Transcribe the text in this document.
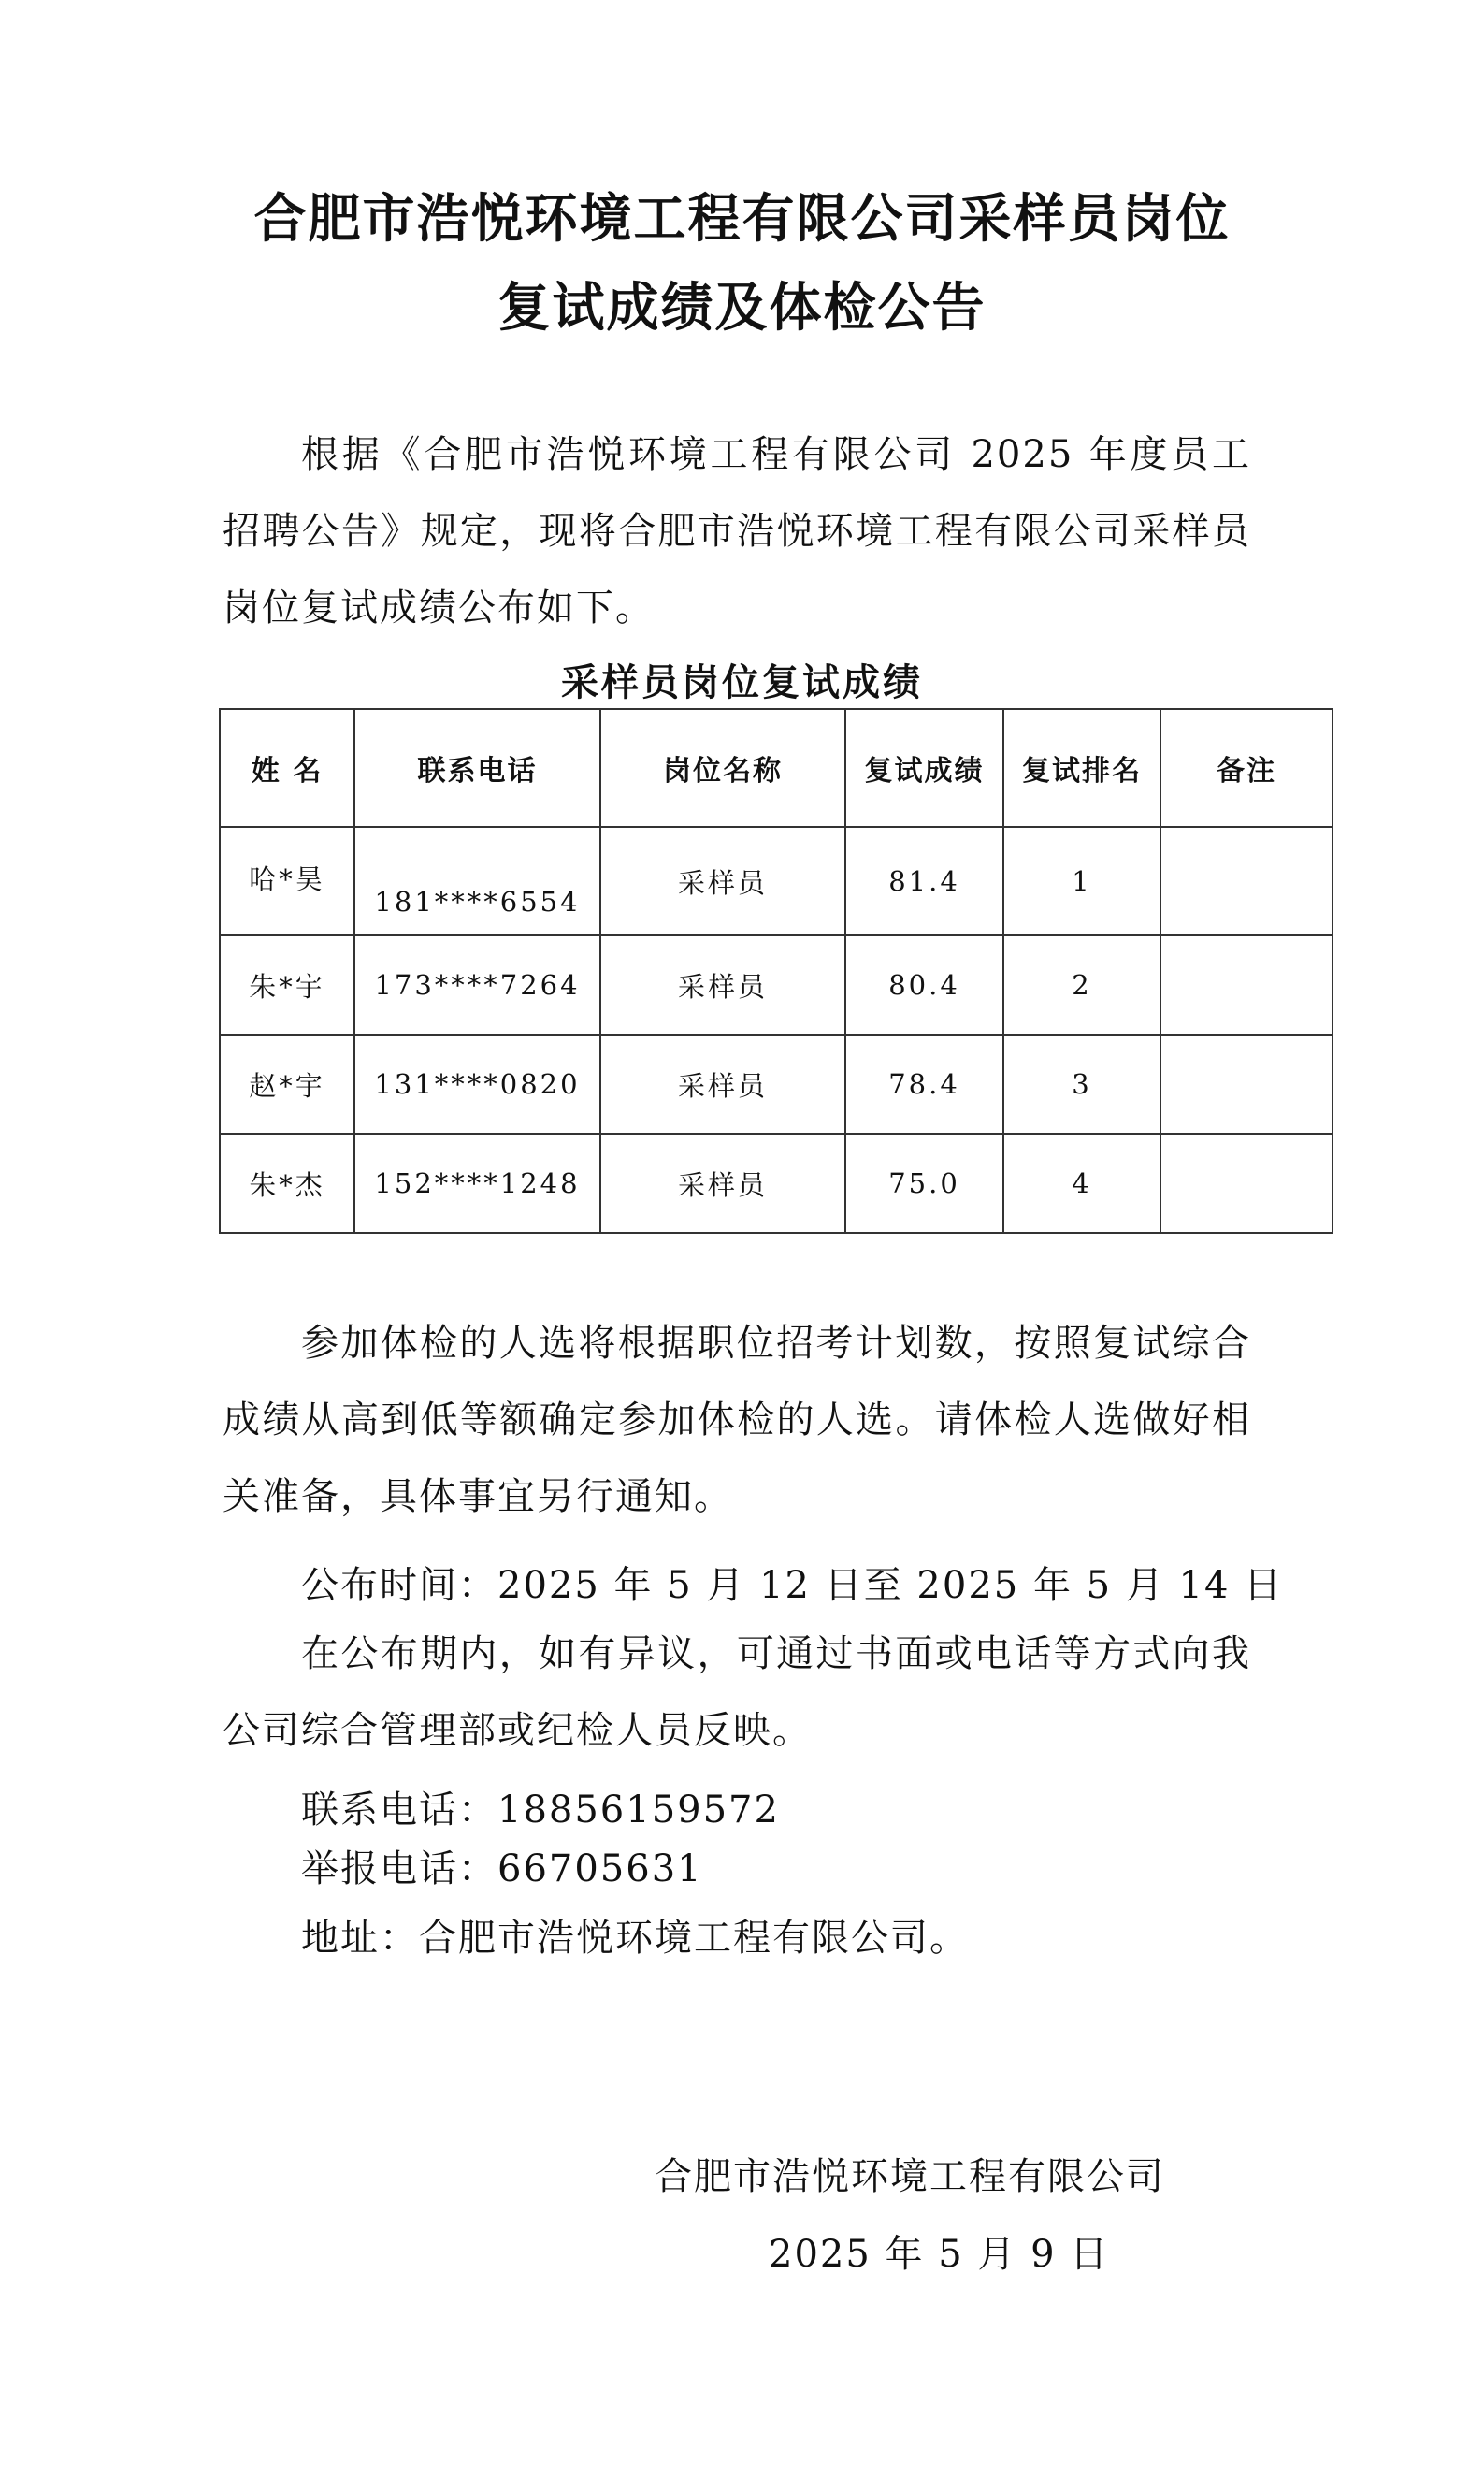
合肥市浩悦环境工程有限公司采样员岗位
复试成绩及体检公告

根据《合肥市浩悦环境工程有限公司 2025 年度员工招聘公告》规定，现将合肥市浩悦环境工程有限公司采样员岗位复试成绩公布如下。

采样员岗位复试成绩
姓 名	联系电话	岗位名称	复试成绩	复试排名	备注
哈*昊	181****6554	采样员	81.4	1	
朱*宇	173****7264	采样员	80.4	2	
赵*宇	131****0820	采样员	78.4	3	
朱*杰	152****1248	采样员	75.0	4	

参加体检的人选将根据职位招考计划数，按照复试综合成绩从高到低等额确定参加体检的人选。请体检人选做好相关准备，具体事宜另行通知。

公布时间：2025 年 5 月 12 日至 2025 年 5 月 14 日

在公布期内，如有异议，可通过书面或电话等方式向我公司综合管理部或纪检人员反映。

联系电话：18856159572
举报电话：66705631
地址：合肥市浩悦环境工程有限公司。
合肥市浩悦环境工程有限公司
2025 年 5 月 9 日
